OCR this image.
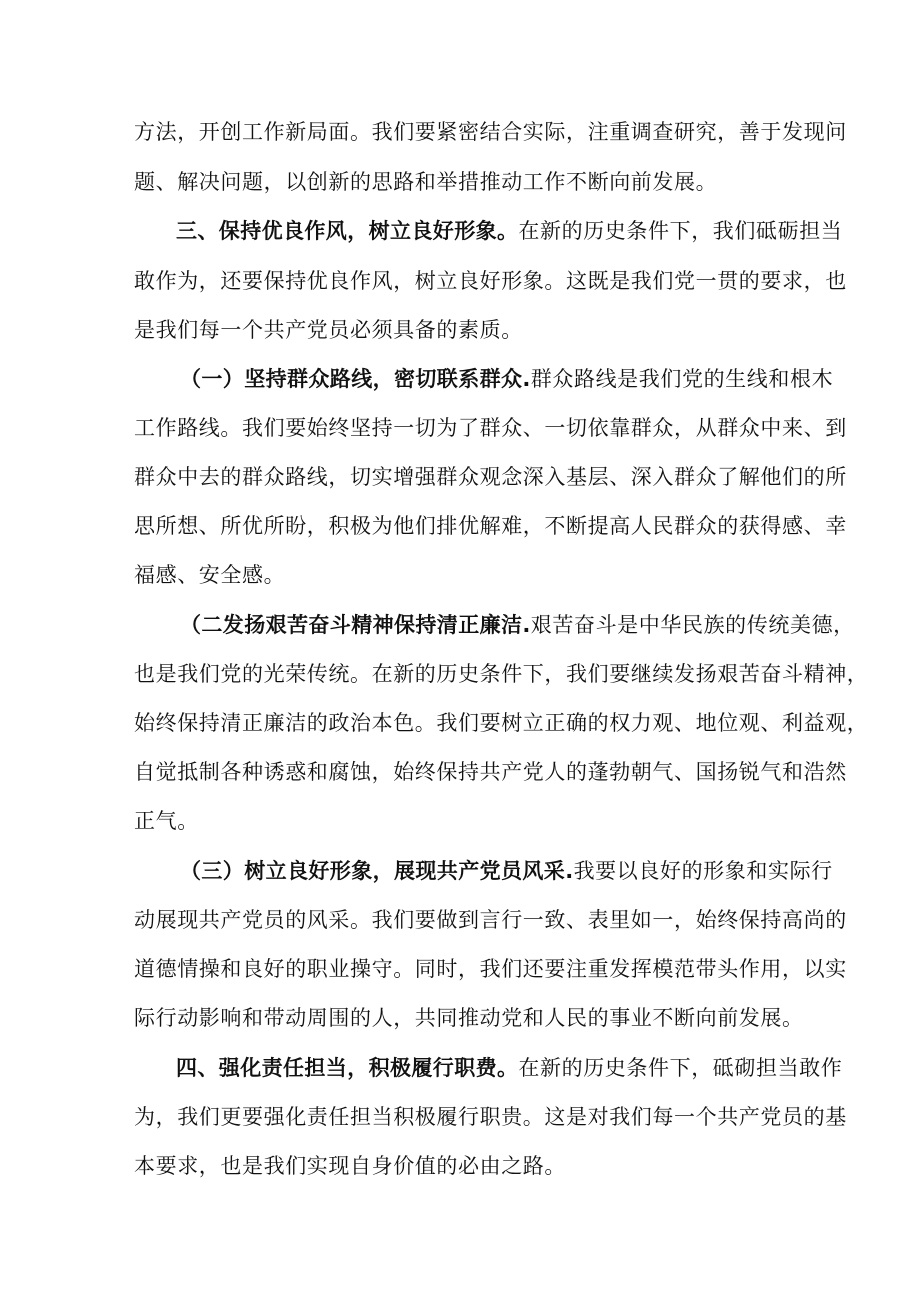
方法，开创工作新局面。我们要紧密结合实际，注重调查研究，善于发现问
题、解决问题，以创新的思路和举措推动工作不断向前发展。
三、保持优良作风，树立良好形象。在新的历史条件下，我们砥砺担当
敢作为，还要保持优良作风，树立良好形象。这既是我们党一贯的要求，也
是我们每一个共产党员必须具备的素质。
（一）坚持群众路线，密切联系群众.群众路线是我们党的生线和根木
工作路线。我们要始终坚持一切为了群众、一切依靠群众，从群众中来、到
群众中去的群众路线，切实增强群众观念深入基层、深入群众了解他们的所
思所想、所优所盼，积极为他们排优解难，不断提高人民群众的获得感、幸
福感、安全感。
（二发扬艰苦奋斗精神保持清正廉洁.艰苦奋斗是中华民族的传统美德，
也是我们党的光荣传统。在新的历史条件下，我们要继续发扬艰苦奋斗精神，
始终保持清正廉洁的政治本色。我们要树立正确的权力观、地位观、利益观，
自觉抵制各种诱惑和腐蚀，始终保持共产党人的蓬勃朝气、国扬锐气和浩然
正气。
（三）树立良好形象，展现共产党员风采.我要以良好的形象和实际行
动展现共产党员的风采。我们要做到言行一致、表里如一，始终保持高尚的
道德情操和良好的职业操守。同时，我们还要注重发挥模范带头作用，以实
际行动影响和带动周围的人，共同推动党和人民的事业不断向前发展。
四、强化责任担当，积极履行职费。在新的历史条件下，砥砌担当敢作
为，我们更要强化责任担当积极履行职贵。这是对我们每一个共产党员的基
本要求，也是我们实现自身价值的必由之路。
